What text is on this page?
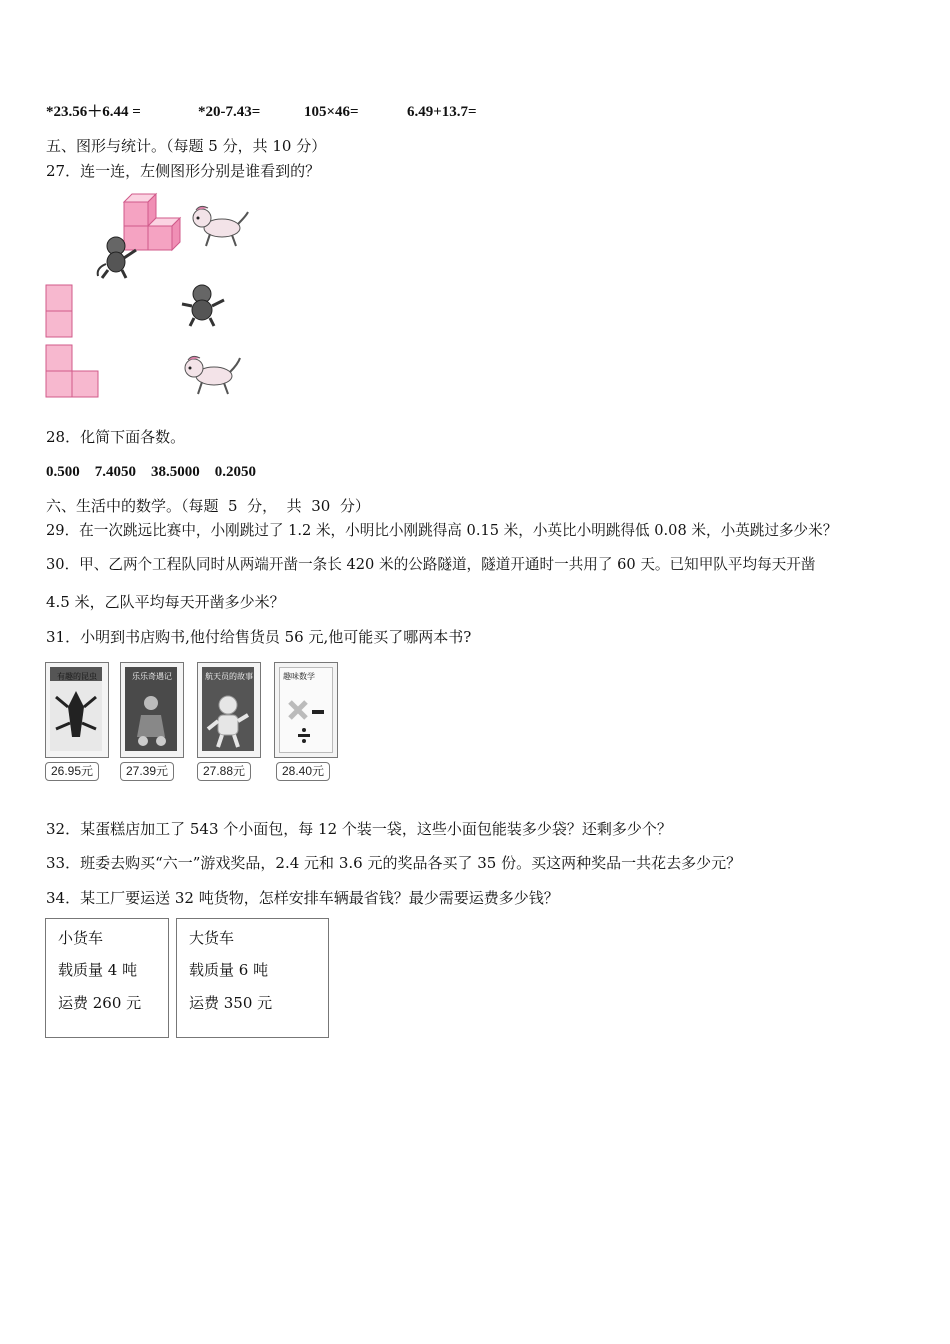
*23.56＋6.44 =	*20-7.43=	105×46=	6.49+13.7=
五、图形与统计。（每题 5 分，共 10 分）
27．连一连，左侧图形分别是谁看到的？
28．化简下面各数。
0.500    7.4050    38.5000    0.2050
六、生活中的数学。（每题  5  分，  共  30  分）
29．在一次跳远比赛中，小刚跳过了 1.2 米，小明比小刚跳得高 0.15 米，小英比小明跳得低 0.08 米，小英跳过多少米？
30．甲、乙两个工程队同时从两端开凿一条长 420 米的公路隧道，隧道开通时一共用了 60 天。已知甲队平均每天开凿
4.5 米，乙队平均每天开凿多少米？
31．小明到书店购书,他付给售货员 56 元,他可能买了哪两本书?
有趣的昆虫
26.95元
乐乐奇遇记
27.39元
航天员的故事
27.88元
趣味数学
28.40元
32．某蛋糕店加工了 543 个小面包，每 12 个装一袋，这些小面包能装多少袋？还剩多少个？
33．班委去购买“六一”游戏奖品，2.4 元和 3.6 元的奖品各买了 35 份。买这两种奖品一共花去多少元？
34．某工厂要运送 32 吨货物，怎样安排车辆最省钱？最少需要运费多少钱？
小货车
载质量 4 吨
运费 260 元
大货车
载质量 6 吨
运费 350 元
